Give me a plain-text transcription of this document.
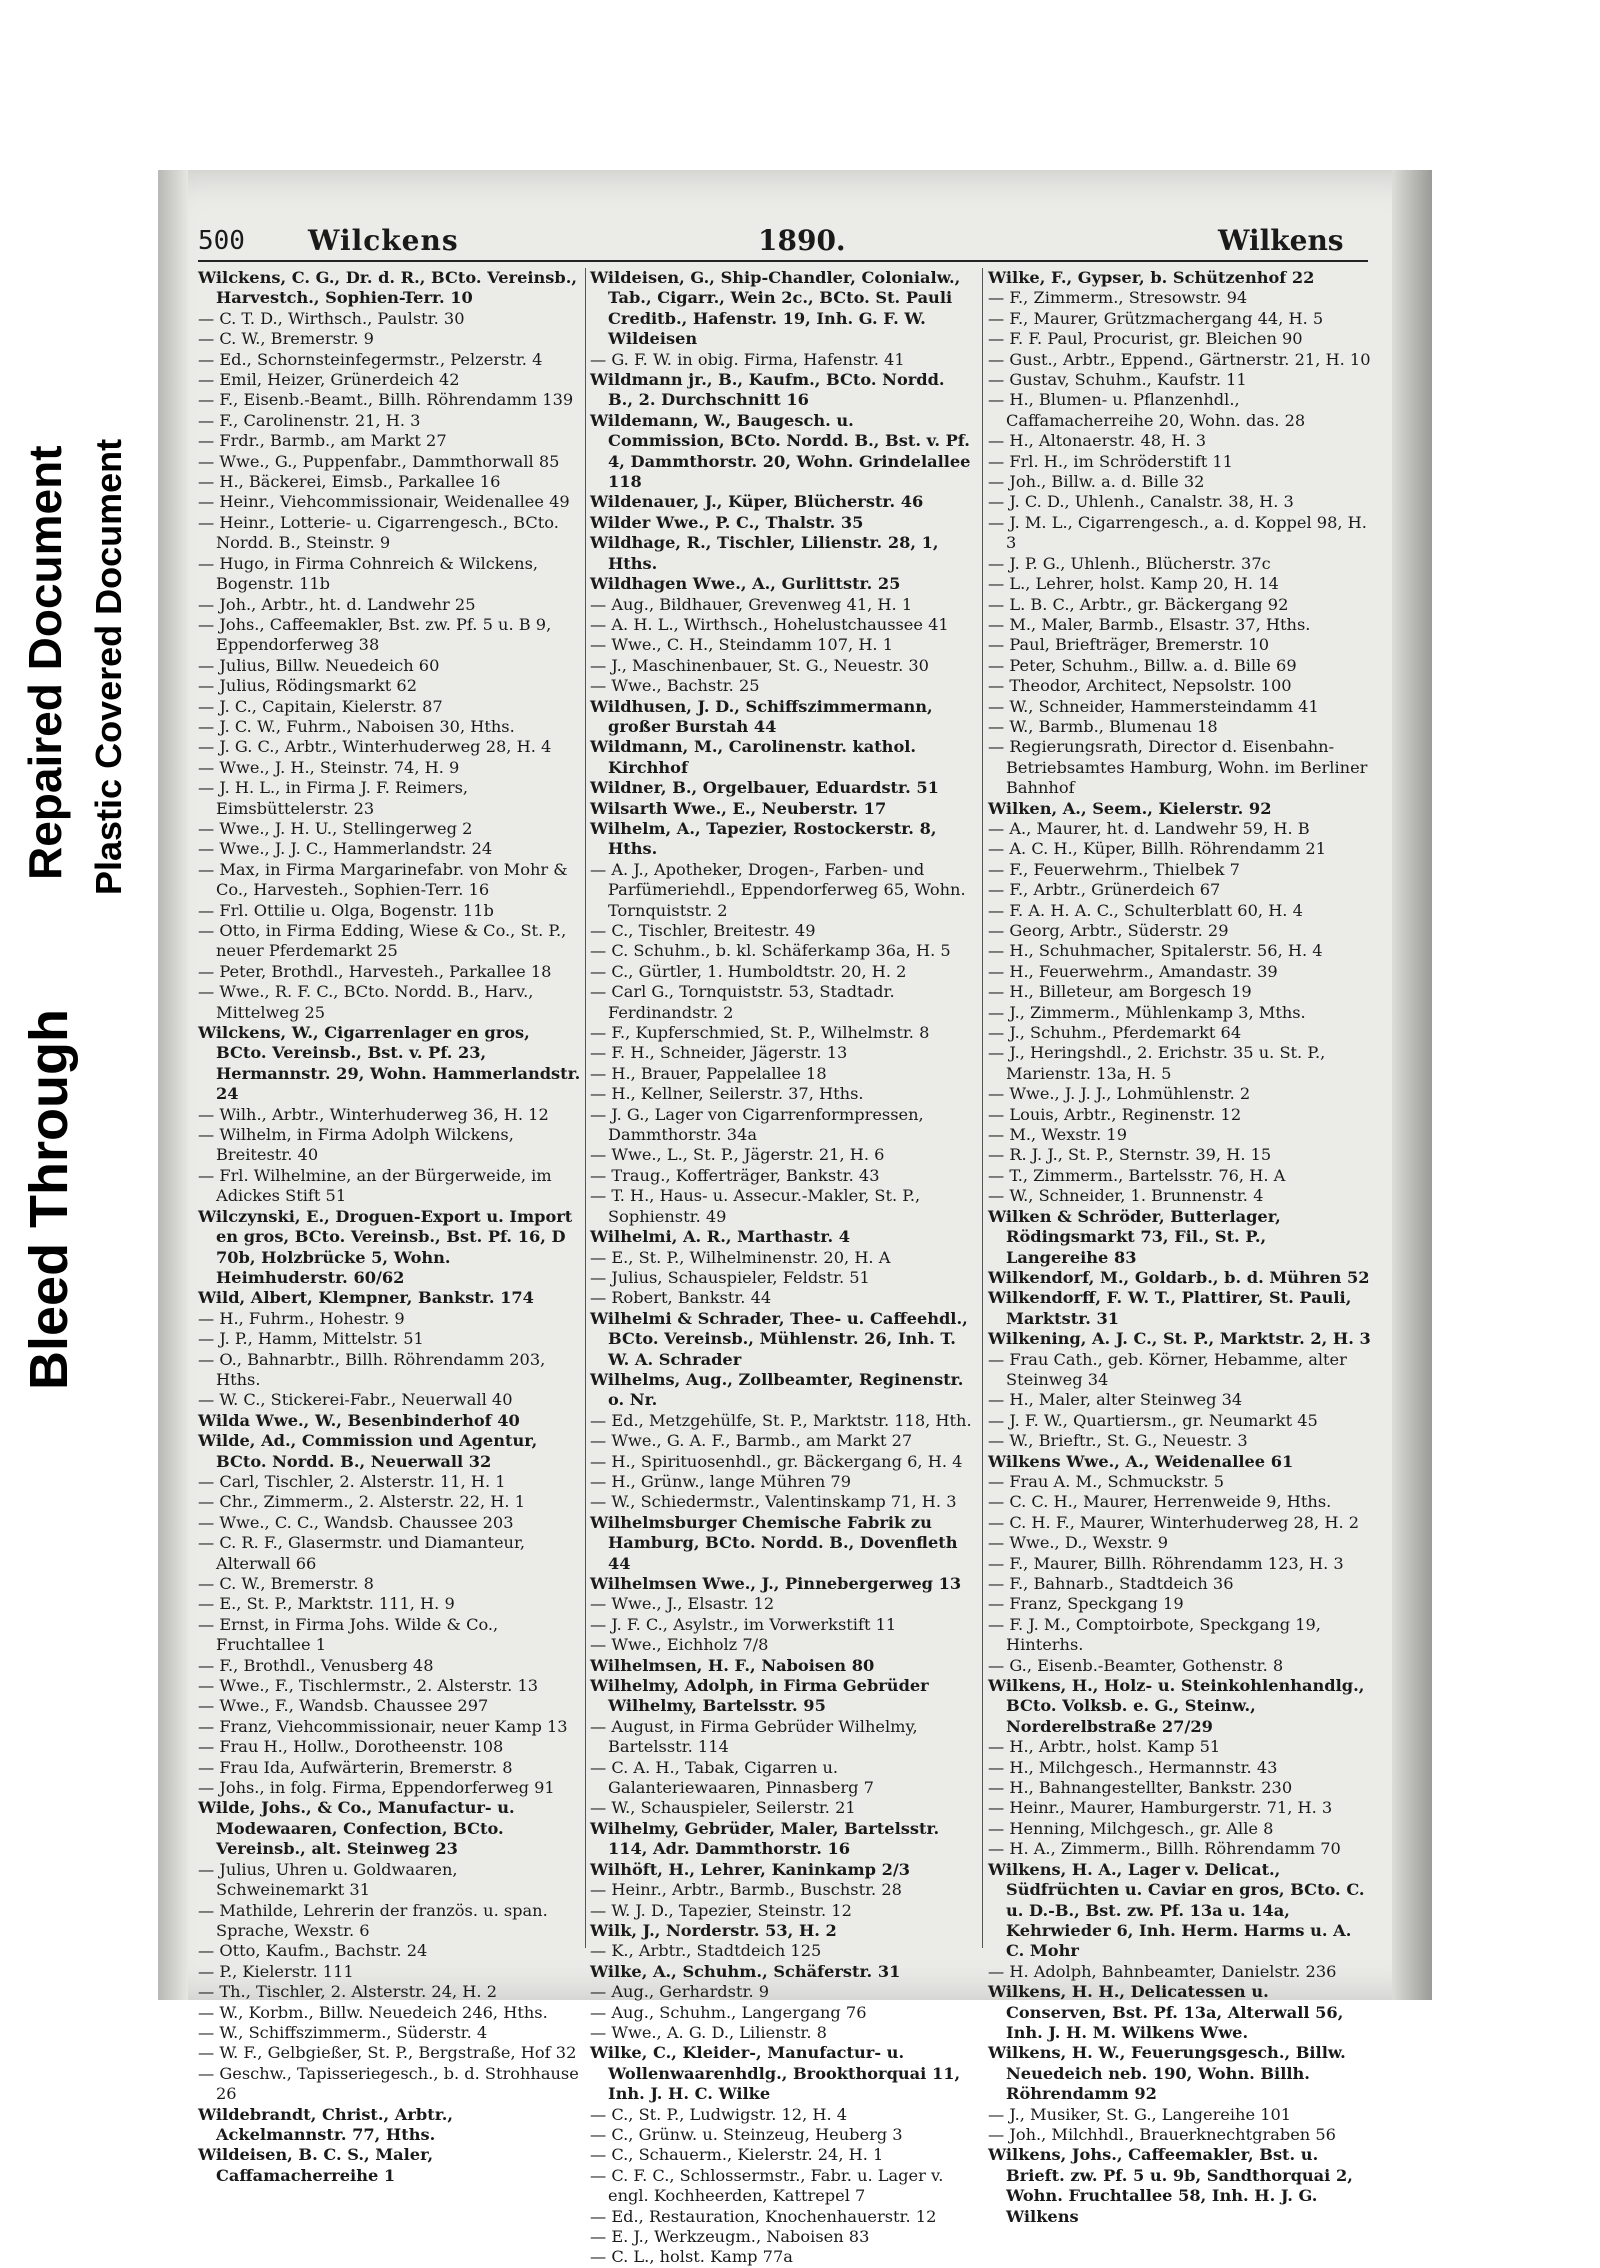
Bleed Through
Repaired Document Plastic Covered Document
500 Wilckens	1890.	Wilkens
Wilckens, C. G., Dr. d. R., BCto. Vereinsb., Harvestch., Sophien-Terr. 10
— C. T. D., Wirthsch., Paulstr. 30
— C. W., Bremerstr. 9
— Ed., Schornsteinfegermstr., Pelzerstr. 4
— Emil, Heizer, Grünerdeich 42
— F., Eisenb.-Beamt., Billh. Röhrendamm 139
— F., Carolinenstr. 21, H. 3
— Frdr., Barmb., am Markt 27
— Wwe., G., Puppenfabr., Dammthorwall 85
— H., Bäckerei, Eimsb., Parkallee 16
— Heinr., Viehcommissionair, Weidenallee 49
— Heinr., Lotterie- u. Cigarrengesch., BCto. Nordd. B., Steinstr. 9
— Hugo, in Firma Cohnreich & Wilckens, Bogenstr. 11b
— Joh., Arbtr., ht. d. Landwehr 25
— Johs., Caffeemakler, Bst. zw. Pf. 5 u. B 9, Eppendorferweg 38
— Julius, Billw. Neuedeich 60
— Julius, Rödingsmarkt 62
— J. C., Capitain, Kielerstr. 87
— J. C. W., Fuhrm., Naboisen 30, Hths.
— J. G. C., Arbtr., Winterhuderweg 28, H. 4
— Wwe., J. H., Steinstr. 74, H. 9
— J. H. L., in Firma J. F. Reimers, Eimsbüttelerstr. 23
— Wwe., J. H. U., Stellingerweg 2
— Wwe., J. J. C., Hammerlandstr. 24
— Max, in Firma Margarinefabr. von Mohr & Co., Harvesteh., Sophien-Terr. 16
— Frl. Ottilie u. Olga, Bogenstr. 11b
— Otto, in Firma Edding, Wiese & Co., St. P., neuer Pferdemarkt 25
— Peter, Brothdl., Harvesteh., Parkallee 18
— Wwe., R. F. C., BCto. Nordd. B., Harv., Mittelweg 25
Wilckens, W., Cigarrenlager en gros, BCto. Vereinsb., Bst. v. Pf. 23, Hermannstr. 29, Wohn. Hammerlandstr. 24
— Wilh., Arbtr., Winterhuderweg 36, H. 12
— Wilhelm, in Firma Adolph Wilckens, Breitestr. 40
— Frl. Wilhelmine, an der Bürgerweide, im Adickes Stift 51
Wilczynski, E., Droguen-Export u. Import en gros, BCto. Vereinsb., Bst. Pf. 16, D 70b, Holzbrücke 5, Wohn. Heimhuderstr. 60/62
Wild, Albert, Klempner, Bankstr. 174
— H., Fuhrm., Hohestr. 9
— J. P., Hamm, Mittelstr. 51
— O., Bahnarbtr., Billh. Röhrendamm 203, Hths.
— W. C., Stickerei-Fabr., Neuerwall 40
Wilda Wwe., W., Besenbinderhof 40
Wilde, Ad., Commission und Agentur, BCto. Nordd. B., Neuerwall 32
— Carl, Tischler, 2. Alsterstr. 11, H. 1
— Chr., Zimmerm., 2. Alsterstr. 22, H. 1
— Wwe., C. C., Wandsb. Chaussee 203
— C. R. F., Glasermstr. und Diamanteur, Alterwall 66
— C. W., Bremerstr. 8
— E., St. P., Marktstr. 111, H. 9
— Ernst, in Firma Johs. Wilde & Co., Fruchtallee 1
— F., Brothdl., Venusberg 48
— Wwe., F., Tischlermstr., 2. Alsterstr. 13
— Wwe., F., Wandsb. Chaussee 297
— Franz, Viehcommissionair, neuer Kamp 13
— Frau H., Hollw., Dorotheenstr. 108
— Frau Ida, Aufwärterin, Bremerstr. 8
— Johs., in folg. Firma, Eppendorferweg 91
Wilde, Johs., & Co., Manufactur- u. Modewaaren, Confection, BCto. Vereinsb., alt. Steinweg 23
— Julius, Uhren u. Goldwaaren, Schweinemarkt 31
— Mathilde, Lehrerin der französ. u. span. Sprache, Wexstr. 6
— Otto, Kaufm., Bachstr. 24
— P., Kielerstr. 111
— Th., Tischler, 2. Alsterstr. 24, H. 2
— W., Korbm., Billw. Neuedeich 246, Hths.
— W., Schiffszimmerm., Süderstr. 4
— W. F., Gelbgießer, St. P., Bergstraße, Hof 32
— Geschw., Tapisseriegesch., b. d. Strohhause 26
Wildebrandt, Christ., Arbtr., Ackelmannstr. 77, Hths.
Wildeisen, B. C. S., Maler, Caffamacherreihe 1
Wildeisen, G., Ship-Chandler, Colonialw., Tab., Cigarr., Wein 2c., BCto. St. Pauli Creditb., Hafenstr. 19, Inh. G. F. W. Wildeisen
— G. F. W. in obig. Firma, Hafenstr. 41
Wildmann jr., B., Kaufm., BCto. Nordd. B., 2. Durchschnitt 16
Wildemann, W., Baugesch. u. Commission, BCto. Nordd. B., Bst. v. Pf. 4, Dammthorstr. 20, Wohn. Grindelallee 118
Wildenauer, J., Küper, Blücherstr. 46
Wilder Wwe., P. C., Thalstr. 35
Wildhage, R., Tischler, Lilienstr. 28, 1, Hths.
Wildhagen Wwe., A., Gurlittstr. 25
— Aug., Bildhauer, Grevenweg 41, H. 1
— A. H. L., Wirthsch., Hohelustchaussee 41
— Wwe., C. H., Steindamm 107, H. 1
— J., Maschinenbauer, St. G., Neuestr. 30
— Wwe., Bachstr. 25
Wildhusen, J. D., Schiffszimmermann, großer Burstah 44
Wildmann, M., Carolinenstr. kathol. Kirchhof
Wildner, B., Orgelbauer, Eduardstr. 51
Wilsarth Wwe., E., Neuberstr. 17
Wilhelm, A., Tapezier, Rostockerstr. 8, Hths.
— A. J., Apotheker, Drogen-, Farben- und Parfümeriehdl., Eppendorferweg 65, Wohn. Tornquiststr. 2
— C., Tischler, Breitestr. 49
— C. Schuhm., b. kl. Schäferkamp 36a, H. 5
— C., Gürtler, 1. Humboldtstr. 20, H. 2
— Carl G., Tornquiststr. 53, Stadtadr. Ferdinandstr. 2
— F., Kupferschmied, St. P., Wilhelmstr. 8
— F. H., Schneider, Jägerstr. 13
— H., Brauer, Pappelallee 18
— H., Kellner, Seilerstr. 37, Hths.
— J. G., Lager von Cigarrenformpressen, Dammthorstr. 34a
— Wwe., L., St. P., Jägerstr. 21, H. 6
— Traug., Kofferträger, Bankstr. 43
— T. H., Haus- u. Assecur.-Makler, St. P., Sophienstr. 49
Wilhelmi, A. R., Marthastr. 4
— E., St. P., Wilhelminenstr. 20, H. A
— Julius, Schauspieler, Feldstr. 51
— Robert, Bankstr. 44
Wilhelmi & Schrader, Thee- u. Caffeehdl., BCto. Vereinsb., Mühlenstr. 26, Inh. T. W. A. Schrader
Wilhelms, Aug., Zollbeamter, Reginenstr. o. Nr.
— Ed., Metzgehülfe, St. P., Marktstr. 118, Hth.
— Wwe., G. A. F., Barmb., am Markt 27
— H., Spirituosenhdl., gr. Bäckergang 6, H. 4
— H., Grünw., lange Mühren 79
— W., Schiedermstr., Valentinskamp 71, H. 3
Wilhelmsburger Chemische Fabrik zu Hamburg, BCto. Nordd. B., Dovenfleth 44
Wilhelmsen Wwe., J., Pinnebergerweg 13
— Wwe., J., Elsastr. 12
— J. F. C., Asylstr., im Vorwerkstift 11
— Wwe., Eichholz 7/8
Wilhelmsen, H. F., Naboisen 80
Wilhelmy, Adolph, in Firma Gebrüder Wilhelmy, Bartelsstr. 95
— August, in Firma Gebrüder Wilhelmy, Bartelsstr. 114
— C. A. H., Tabak, Cigarren u. Galanteriewaaren, Pinnasberg 7
— W., Schauspieler, Seilerstr. 21
Wilhelmy, Gebrüder, Maler, Bartelsstr. 114, Adr. Dammthorstr. 16
Wilhöft, H., Lehrer, Kaninkamp 2/3
— Heinr., Arbtr., Barmb., Buschstr. 28
— W. J. D., Tapezier, Steinstr. 12
Wilk, J., Norderstr. 53, H. 2
— K., Arbtr., Stadtdeich 125
Wilke, A., Schuhm., Schäferstr. 31
— Aug., Gerhardstr. 9
— Aug., Schuhm., Langergang 76
— Wwe., A. G. D., Lilienstr. 8
Wilke, C., Kleider-, Manufactur- u. Wollenwaarenhdlg., Brookthorquai 11, Inh. J. H. C. Wilke
— C., St. P., Ludwigstr. 12, H. 4
— C., Grünw. u. Steinzeug, Heuberg 3
— C., Schauerm., Kielerstr. 24, H. 1
— C. F. C., Schlossermstr., Fabr. u. Lager v. engl. Kochheerden, Kattrepel 7
— Ed., Restauration, Knochenhauerstr. 12
— E. J., Werkzeugm., Naboisen 83
— C. L., holst. Kamp 77a
Wilke, F., Gypser, b. Schützenhof 22
— F., Zimmerm., Stresowstr. 94
— F., Maurer, Grützmachergang 44, H. 5
— F. F. Paul, Procurist, gr. Bleichen 90
— Gust., Arbtr., Eppend., Gärtnerstr. 21, H. 10
— Gustav, Schuhm., Kaufstr. 11
— H., Blumen- u. Pflanzenhdl., Caffamacherreihe 20, Wohn. das. 28
— H., Altonaerstr. 48, H. 3
— Frl. H., im Schröderstift 11
— Joh., Billw. a. d. Bille 32
— J. C. D., Uhlenh., Canalstr. 38, H. 3
— J. M. L., Cigarrengesch., a. d. Koppel 98, H. 3
— J. P. G., Uhlenh., Blücherstr. 37c
— L., Lehrer, holst. Kamp 20, H. 14
— L. B. C., Arbtr., gr. Bäckergang 92
— M., Maler, Barmb., Elsastr. 37, Hths.
— Paul, Briefträger, Bremerstr. 10
— Peter, Schuhm., Billw. a. d. Bille 69
— Theodor, Architect, Nepsolstr. 100
— W., Schneider, Hammersteindamm 41
— W., Barmb., Blumenau 18
— Regierungsrath, Director d. Eisenbahn-Betriebsamtes Hamburg, Wohn. im Berliner Bahnhof
Wilken, A., Seem., Kielerstr. 92
— A., Maurer, ht. d. Landwehr 59, H. B
— A. C. H., Küper, Billh. Röhrendamm 21
— F., Feuerwehrm., Thielbek 7
— F., Arbtr., Grünerdeich 67
— F. A. H. A. C., Schulterblatt 60, H. 4
— Georg, Arbtr., Süderstr. 29
— H., Schuhmacher, Spitalerstr. 56, H. 4
— H., Feuerwehrm., Amandastr. 39
— H., Billeteur, am Borgesch 19
— J., Zimmerm., Mühlenkamp 3, Mths.
— J., Schuhm., Pferdemarkt 64
— J., Heringshdl., 2. Erichstr. 35 u. St. P., Marienstr. 13a, H. 5
— Wwe., J. J. J., Lohmühlenstr. 2
— Louis, Arbtr., Reginenstr. 12
— M., Wexstr. 19
— R. J. J., St. P., Sternstr. 39, H. 15
— T., Zimmerm., Bartelsstr. 76, H. A
— W., Schneider, 1. Brunnenstr. 4
Wilken & Schröder, Butterlager, Rödingsmarkt 73, Fil., St. P., Langereihe 83
Wilkendorf, M., Goldarb., b. d. Mühren 52
Wilkendorff, F. W. T., Plattirer, St. Pauli, Marktstr. 31
Wilkening, A. J. C., St. P., Marktstr. 2, H. 3
— Frau Cath., geb. Körner, Hebamme, alter Steinweg 34
— H., Maler, alter Steinweg 34
— J. F. W., Quartiersm., gr. Neumarkt 45
— W., Brieftr., St. G., Neuestr. 3
Wilkens Wwe., A., Weidenallee 61
— Frau A. M., Schmuckstr. 5
— C. C. H., Maurer, Herrenweide 9, Hths.
— C. H. F., Maurer, Winterhuderweg 28, H. 2
— Wwe., D., Wexstr. 9
— F., Maurer, Billh. Röhrendamm 123, H. 3
— F., Bahnarb., Stadtdeich 36
— Franz, Speckgang 19
— F. J. M., Comptoirbote, Speckgang 19, Hinterhs.
— G., Eisenb.-Beamter, Gothenstr. 8
Wilkens, H., Holz- u. Steinkohlenhandlg., BCto. Volksb. e. G., Steinw., Norderelbstraße 27/29
— H., Arbtr., holst. Kamp 51
— H., Milchgesch., Hermannstr. 43
— H., Bahnangestellter, Bankstr. 230
— Heinr., Maurer, Hamburgerstr. 71, H. 3
— Henning, Milchgesch., gr. Alle 8
— H. A., Zimmerm., Billh. Röhrendamm 70
Wilkens, H. A., Lager v. Delicat., Südfrüchten u. Caviar en gros, BCto. C. u. D.-B., Bst. zw. Pf. 13a u. 14a, Kehrwieder 6, Inh. Herm. Harms u. A. C. Mohr
— H. Adolph, Bahnbeamter, Danielstr. 236
Wilkens, H. H., Delicatessen u. Conserven, Bst. Pf. 13a, Alterwall 56, Inh. J. H. M. Wilkens Wwe.
Wilkens, H. W., Feuerungsgesch., Billw. Neuedeich neb. 190, Wohn. Billh. Röhrendamm 92
— J., Musiker, St. G., Langereihe 101
— Joh., Milchhdl., Brauerknechtgraben 56
Wilkens, Johs., Caffeemakler, Bst. u. Brieft. zw. Pf. 5 u. 9b, Sandthorquai 2, Wohn. Fruchtallee 58, Inh. H. J. G. Wilkens
